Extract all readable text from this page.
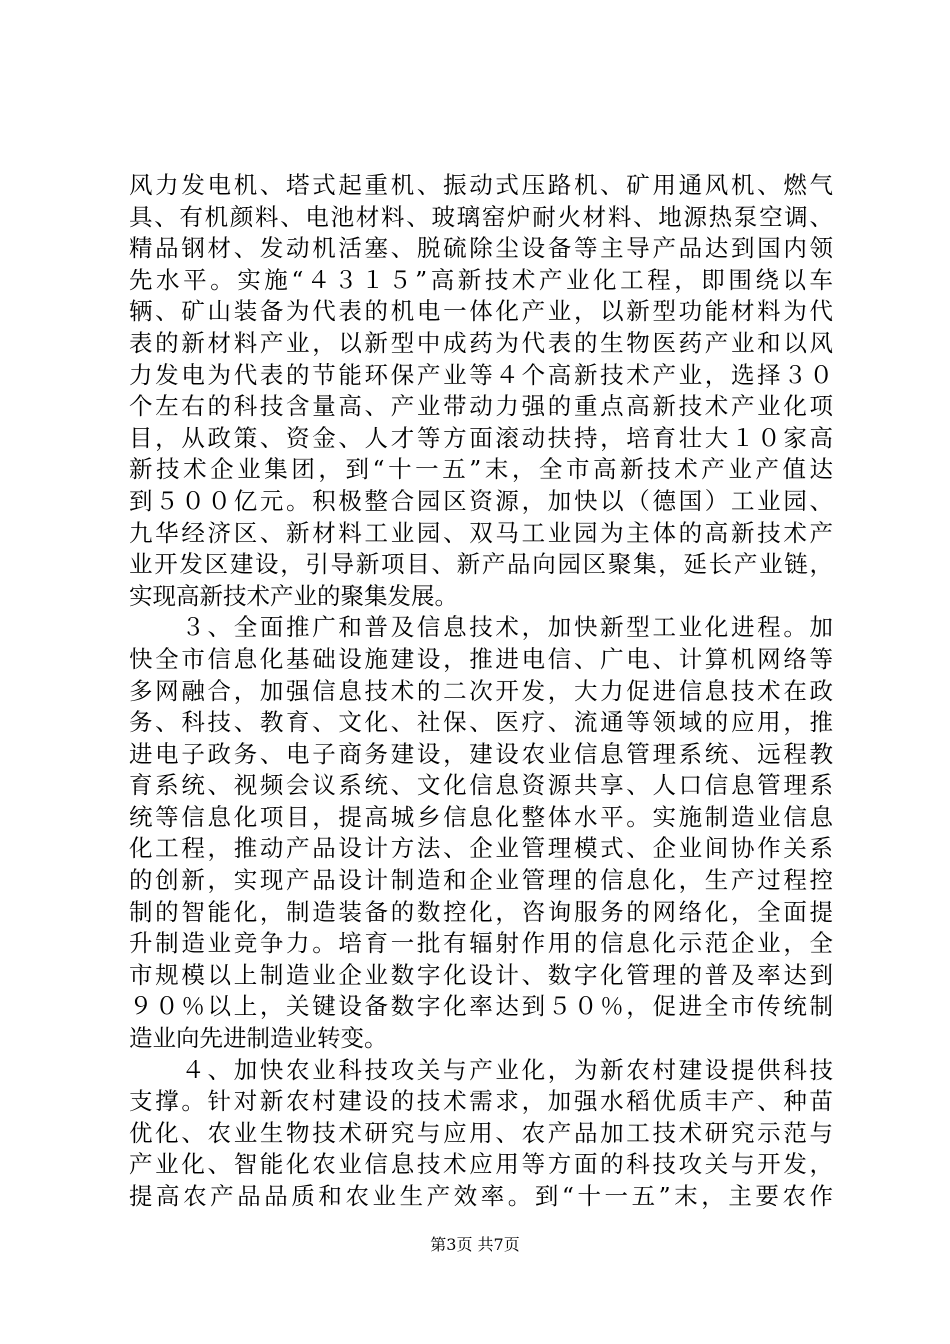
风力发电机、塔式起重机、振动式压路机、矿用通风机、燃气
具、有机颜料、电池材料、玻璃窑炉耐火材料、地源热泵空调、
精品钢材、发动机活塞、脱硫除尘设备等主导产品达到国内领
先水平。实施“４３１５”高新技术产业化工程，即围绕以车
辆、矿山装备为代表的机电一体化产业，以新型功能材料为代
表的新材料产业，以新型中成药为代表的生物医药产业和以风
力发电为代表的节能环保产业等４个高新技术产业，选择３０
个左右的科技含量高、产业带动力强的重点高新技术产业化项
目，从政策、资金、人才等方面滚动扶持，培育壮大１０家高
新技术企业集团，到“十一五”末，全市高新技术产业产值达
到５００亿元。积极整合园区资源，加快以（德国）工业园、
九华经济区、新材料工业园、双马工业园为主体的高新技术产
业开发区建设，引导新项目、新产品向园区聚集，延长产业链，
实现高新技术产业的聚集发展。
　　３、全面推广和普及信息技术，加快新型工业化进程。加
快全市信息化基础设施建设，推进电信、广电、计算机网络等
多网融合，加强信息技术的二次开发，大力促进信息技术在政
务、科技、教育、文化、社保、医疗、流通等领域的应用，推
进电子政务、电子商务建设，建设农业信息管理系统、远程教
育系统、视频会议系统、文化信息资源共享、人口信息管理系
统等信息化项目，提高城乡信息化整体水平。实施制造业信息
化工程，推动产品设计方法、企业管理模式、企业间协作关系
的创新，实现产品设计制造和企业管理的信息化，生产过程控
制的智能化，制造装备的数控化，咨询服务的网络化，全面提
升制造业竞争力。培育一批有辐射作用的信息化示范企业，全
市规模以上制造业企业数字化设计、数字化管理的普及率达到
９０％以上，关键设备数字化率达到５０％，促进全市传统制
造业向先进制造业转变。
　　４、加快农业科技攻关与产业化，为新农村建设提供科技
支撑。针对新农村建设的技术需求，加强水稻优质丰产、种苗
优化、农业生物技术研究与应用、农产品加工技术研究示范与
产业化、智能化农业信息技术应用等方面的科技攻关与开发，
提高农产品品质和农业生产效率。到“十一五”末，主要农作
第3页 共7页
